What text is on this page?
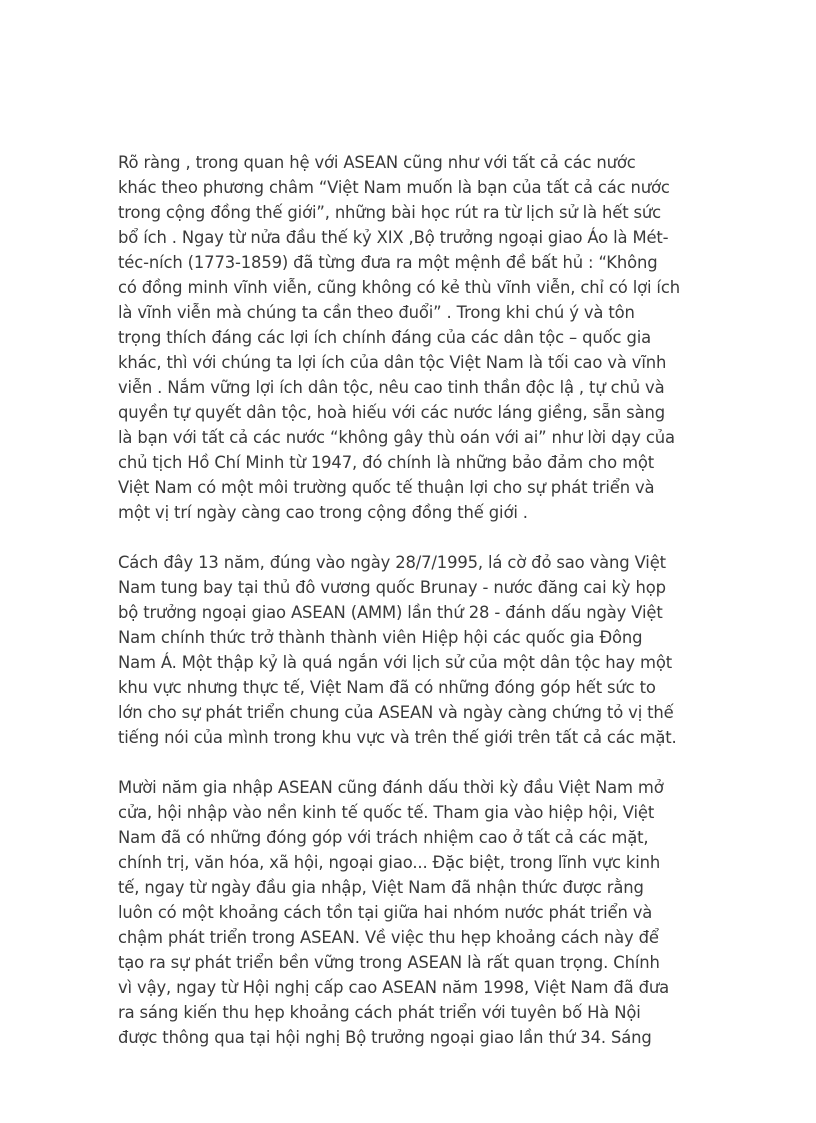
Rõ ràng , trong quan hệ với ASEAN cũng như với tất cả các nước
khác theo phương châm “Việt Nam muốn là bạn của tất cả các nước
trong cộng đồng thế giới”, những bài học rút ra từ lịch sử là hết sức
bổ ích . Ngay từ nửa đầu thế kỷ XIX ,Bộ trưởng ngoại giao Áo là Mét-
téc-ních (1773-1859) đã từng đưa ra một mệnh đề bất hủ : “Không
có đồng minh vĩnh viễn, cũng không có kẻ thù vĩnh viễn, chỉ có lợi ích
là vĩnh viễn mà chúng ta cần theo đuổi” . Trong khi chú ý và tôn
trọng thích đáng các lợi ích chính đáng của các dân tộc – quốc gia
khác, thì với chúng ta lợi ích của dân tộc Việt Nam là tối cao và vĩnh
viễn . Nắm vững lợi ích dân tộc, nêu cao tinh thần độc lậ , tự chủ và
quyền tự quyết dân tộc, hoà hiếu với các nước láng giềng, sẵn sàng
là bạn với tất cả các nước “không gây thù oán với ai” như lời dạy của
chủ tịch Hồ Chí Minh từ 1947, đó chính là những bảo đảm cho một
Việt Nam có một môi trường quốc tế thuận lợi cho sự phát triển và
một vị trí ngày càng cao trong cộng đồng thế giới .
Cách đây 13 năm, đúng vào ngày 28/7/1995, lá cờ đỏ sao vàng Việt
Nam tung bay tại thủ đô vương quốc Brunay - nước đăng cai kỳ họp
bộ trưởng ngoại giao ASEAN (AMM) lần thứ 28 - đánh dấu ngày Việt
Nam chính thức trở thành thành viên Hiệp hội các quốc gia Đông
Nam Á. Một thập kỷ là quá ngắn với lịch sử của một dân tộc hay một
khu vực nhưng thực tế, Việt Nam đã có những đóng góp hết sức to
lớn cho sự phát triển chung của ASEAN và ngày càng chứng tỏ vị thế
tiếng nói của mình trong khu vực và trên thế giới trên tất cả các mặt.
Mười năm gia nhập ASEAN cũng đánh dấu thời kỳ đầu Việt Nam mở
cửa, hội nhập vào nền kinh tế quốc tế. Tham gia vào hiệp hội, Việt
Nam đã có những đóng góp với trách nhiệm cao ở tất cả các mặt,
chính trị, văn hóa, xã hội, ngoại giao... Đặc biệt, trong lĩnh vực kinh
tế, ngay từ ngày đầu gia nhập, Việt Nam đã nhận thức được rằng
luôn có một khoảng cách tồn tại giữa hai nhóm nước phát triển và
chậm phát triển trong ASEAN. Về việc thu hẹp khoảng cách này để
tạo ra sự phát triển bền vững trong ASEAN là rất quan trọng. Chính
vì vậy, ngay từ Hội nghị cấp cao ASEAN năm 1998, Việt Nam đã đưa
ra sáng kiến thu hẹp khoảng cách phát triển với tuyên bố Hà Nội
được thông qua tại hội nghị Bộ trưởng ngoại giao lần thứ 34. Sáng
